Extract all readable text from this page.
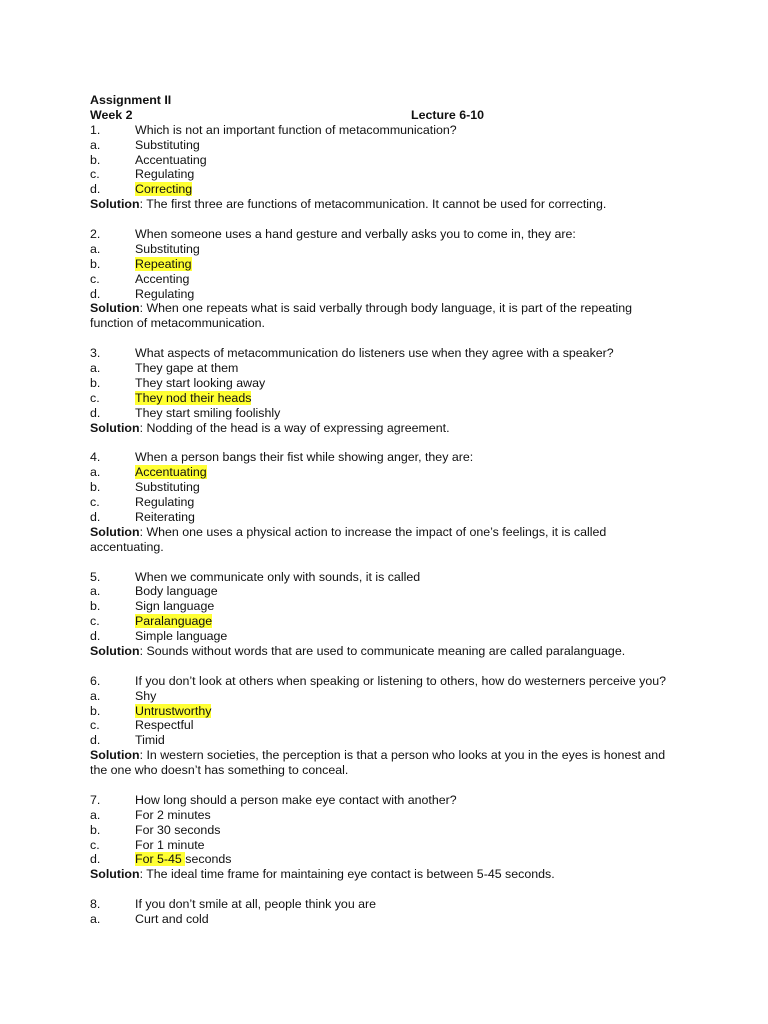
Assignment II
Week 2	Lecture 6-10
1.	Which is not an important function of metacommunication?
a.	Substituting
b.	Accentuating
c.	Regulating
d.	Correcting
Solution: The first three are functions of metacommunication. It cannot be used for correcting.
2.	When someone uses a hand gesture and verbally asks you to come in, they are:
a.	Substituting
b.	Repeating
c.	Accenting
d.	Regulating
Solution: When one repeats what is said verbally through body language, it is part of the repeating
function of metacommunication.
3.	What aspects of metacommunication do listeners use when they agree with a speaker?
a.	They gape at them
b.	They start looking away
c.	They nod their heads
d.	They start smiling foolishly
Solution: Nodding of the head is a way of expressing agreement.
4.	When a person bangs their fist while showing anger, they are:
a.	Accentuating
b.	Substituting
c.	Regulating
d.	Reiterating
Solution: When one uses a physical action to increase the impact of one’s feelings, it is called
accentuating.
5.	When we communicate only with sounds, it is called
a.	Body language
b.	Sign language
c.	Paralanguage
d.	Simple language
Solution: Sounds without words that are used to communicate meaning are called paralanguage.
6.	If you don’t look at others when speaking or listening to others, how do westerners perceive you?
a.	Shy
b.	Untrustworthy
c.	Respectful
d.	Timid
Solution: In western societies, the perception is that a person who looks at you in the eyes is honest and
the one who doesn’t has something to conceal.
7.	How long should a person make eye contact with another?
a.	For 2 minutes
b.	For 30 seconds
c.	For 1 minute
d.	For 5-45 seconds
Solution: The ideal time frame for maintaining eye contact is between 5-45 seconds.
8.	If you don’t smile at all, people think you are
a.	Curt and cold
